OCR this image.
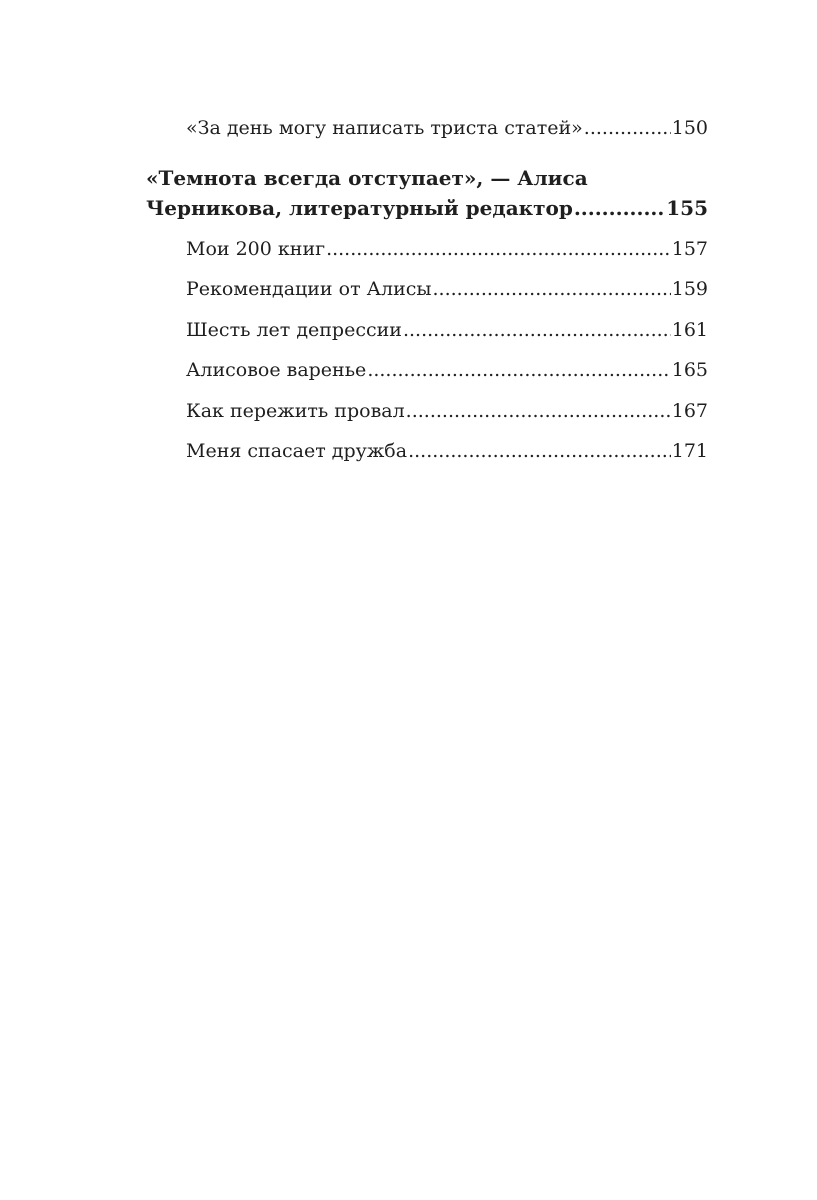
«За день могу написать триста статей» .....	150
«Темнота всегда отступает», — Алиса
Черникова, литературный редактор .....	155
Мои 200 книг .....	157
Рекомендации от Алисы .....	159
Шесть лет депрессии .....	161
Алисовое варенье .....	165
Как пережить провал .....	167
Меня спасает дружба .....	171
